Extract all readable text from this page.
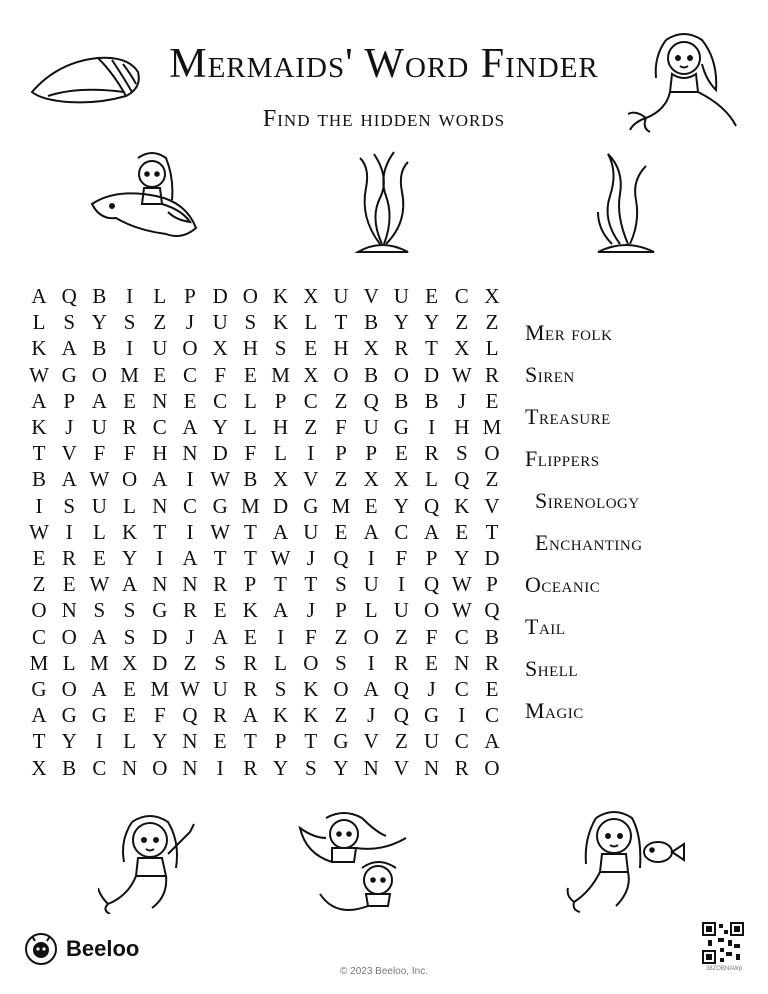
Mermaids' Word Finder
Find the hidden words
A Q B I L P D O K X U V U E C X
L S Y S Z J U S K L T B Y Y Z Z
K A B I U O X H S E H X R T X L
W G O M E C F E M X O B O D W R
A P A E N E C L P C Z Q B B J E
K J U R C A Y L H Z F U G I H M
T V F F H N D F L I P P E R S O
B A W O A I W B X V Z X X L Q Z
I S U L N C G M D G M E Y Q K V
W I L K T I W T A U E A C A E T
E R E Y I A T T W J Q I F P Y D
Z E W A N N R P T T S U I Q W P
O N S S G R E K A J P L U O W Q
C O A S D J A E I F Z O Z F C B
M L M X D Z S R L O S I R E N R
G O A E M W U R S K O A Q J C E
A G G E F Q R A K K Z J Q G I C
T Y I L Y N E T P T G V Z U C A
X B C N O N I R Y S Y N V N R O
Mer folk
Siren
Treasure
Flippers
Sirenology
Enchanting
Oceanic
Tail
Shell
Magic
Beeloo
© 2023 Beeloo, Inc.	38ZOBNAWp
